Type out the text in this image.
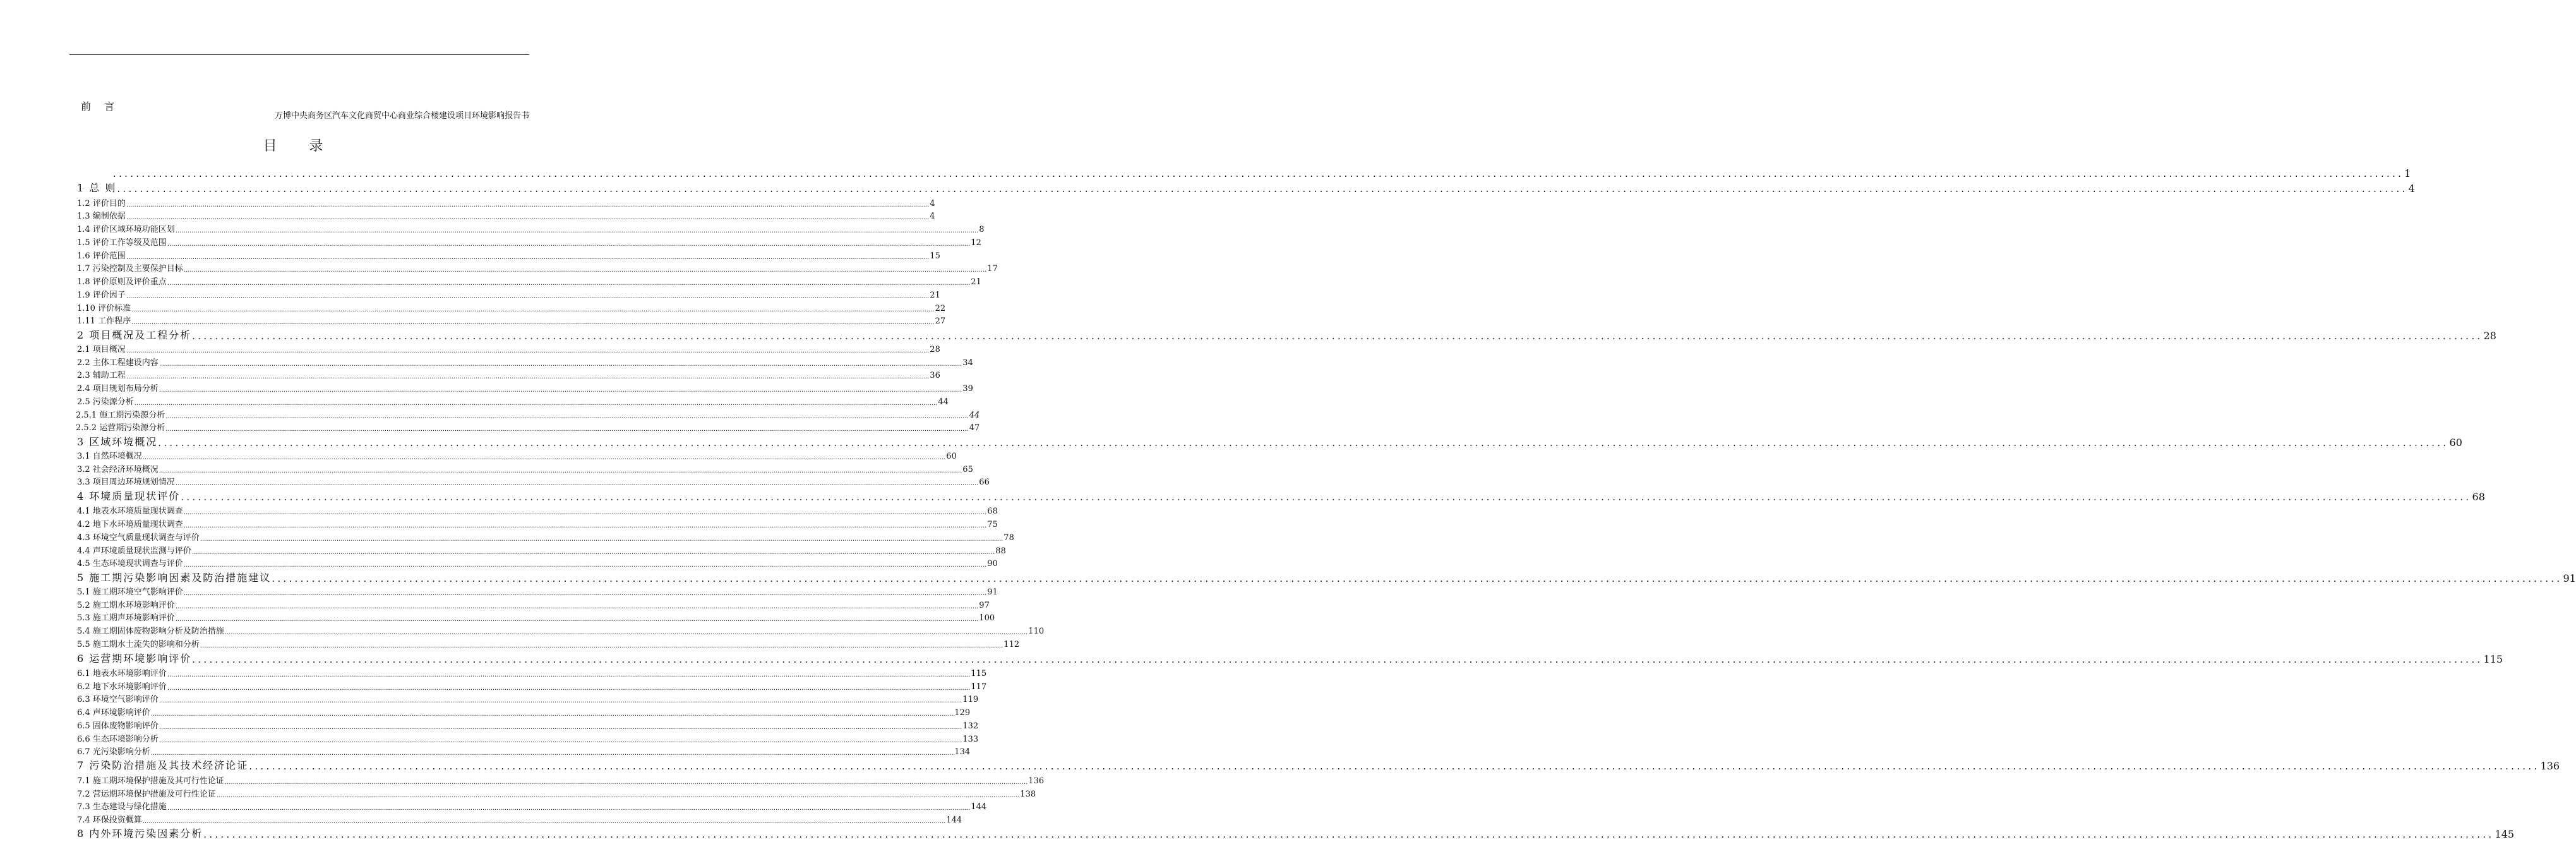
前 言
万博中央商务区汽车文化商贸中心商业综合楼建设项目环境影响报告书
目 录
................................................................................................................................................................................................................................................................................................................................................................................................................ 1
1 总 则 ................................................................................................................................................................................................................................................................................................................................................................................................................ 4
1.2 评价目的 ................................................................................................................................................................................................................................................................................................................................................................................................................ 4
1.3 编制依据 ................................................................................................................................................................................................................................................................................................................................................................................................................ 4
1.4 评价区域环境功能区划 ................................................................................................................................................................................................................................................................................................................................................................................................................ 8
1.5 评价工作等级及范围 ................................................................................................................................................................................................................................................................................................................................................................................................................ 12
1.6 评价范围 ................................................................................................................................................................................................................................................................................................................................................................................................................ 15
1.7 污染控制及主要保护目标 ................................................................................................................................................................................................................................................................................................................................................................................................................ 17
1.8 评价原则及评价重点 ................................................................................................................................................................................................................................................................................................................................................................................................................ 21
1.9 评价因子 ................................................................................................................................................................................................................................................................................................................................................................................................................ 21
1.10 评价标准 ................................................................................................................................................................................................................................................................................................................................................................................................................ 22
1.11 工作程序 ................................................................................................................................................................................................................................................................................................................................................................................................................ 27
2 项目概况及工程分析 ................................................................................................................................................................................................................................................................................................................................................................................................................ 28
2.1 项目概况 ................................................................................................................................................................................................................................................................................................................................................................................................................ 28
2.2 主体工程建设内容 ................................................................................................................................................................................................................................................................................................................................................................................................................ 34
2.3 辅助工程 ................................................................................................................................................................................................................................................................................................................................................................................................................ 36
2.4 项目规划布局分析 ................................................................................................................................................................................................................................................................................................................................................................................................................ 39
2.5 污染源分析 ................................................................................................................................................................................................................................................................................................................................................................................................................ 44
2.5.1 施工期污染源分析 ................................................................................................................................................................................................................................................................................................................................................................................................................ 44
2.5.2 运营期污染源分析 ................................................................................................................................................................................................................................................................................................................................................................................................................ 47
3 区域环境概况 ................................................................................................................................................................................................................................................................................................................................................................................................................ 60
3.1 自然环境概况 ................................................................................................................................................................................................................................................................................................................................................................................................................ 60
3.2 社会经济环境概况 ................................................................................................................................................................................................................................................................................................................................................................................................................ 65
3.3 项目周边环境规划情况 ................................................................................................................................................................................................................................................................................................................................................................................................................ 66
4 环境质量现状评价 ................................................................................................................................................................................................................................................................................................................................................................................................................ 68
4.1 地表水环境质量现状调查 ................................................................................................................................................................................................................................................................................................................................................................................................................ 68
4.2 地下水环境质量现状调查 ................................................................................................................................................................................................................................................................................................................................................................................................................ 75
4.3 环境空气质量现状调查与评价 ................................................................................................................................................................................................................................................................................................................................................................................................................ 78
4.4 声环境质量现状监测与评价 ................................................................................................................................................................................................................................................................................................................................................................................................................ 88
4.5 生态环境现状调查与评价 ................................................................................................................................................................................................................................................................................................................................................................................................................ 90
5 施工期污染影响因素及防治措施建议 ................................................................................................................................................................................................................................................................................................................................................................................................................ 91
5.1 施工期环境空气影响评价 ................................................................................................................................................................................................................................................................................................................................................................................................................ 91
5.2 施工期水环境影响评价 ................................................................................................................................................................................................................................................................................................................................................................................................................ 97
5.3 施工期声环境影响评价 ................................................................................................................................................................................................................................................................................................................................................................................................................ 100
5.4 施工期固体废物影响分析及防治措施 ................................................................................................................................................................................................................................................................................................................................................................................................................ 110
5.5 施工期水土流失的影响和分析 ................................................................................................................................................................................................................................................................................................................................................................................................................ 112
6 运营期环境影响评价 ................................................................................................................................................................................................................................................................................................................................................................................................................ 115
6.1 地表水环境影响评价 ................................................................................................................................................................................................................................................................................................................................................................................................................ 115
6.2 地下水环境影响评价 ................................................................................................................................................................................................................................................................................................................................................................................................................ 117
6.3 环境空气影响评价 ................................................................................................................................................................................................................................................................................................................................................................................................................ 119
6.4 声环境影响评价 ................................................................................................................................................................................................................................................................................................................................................................................................................ 129
6.5 固体废物影响评价 ................................................................................................................................................................................................................................................................................................................................................................................................................ 132
6.6 生态环境影响分析 ................................................................................................................................................................................................................................................................................................................................................................................................................ 133
6.7 光污染影响分析 ................................................................................................................................................................................................................................................................................................................................................................................................................ 134
7 污染防治措施及其技术经济论证 ................................................................................................................................................................................................................................................................................................................................................................................................................ 136
7.1 施工期环境保护措施及其可行性论证 ................................................................................................................................................................................................................................................................................................................................................................................................................ 136
7.2 营运期环境保护措施及可行性论证 ................................................................................................................................................................................................................................................................................................................................................................................................................ 138
7.3 生态建设与绿化措施 ................................................................................................................................................................................................................................................................................................................................................................................................................ 144
7.4 环保投资概算 ................................................................................................................................................................................................................................................................................................................................................................................................................ 144
8 内外环境污染因素分析 ................................................................................................................................................................................................................................................................................................................................................................................................................ 145
